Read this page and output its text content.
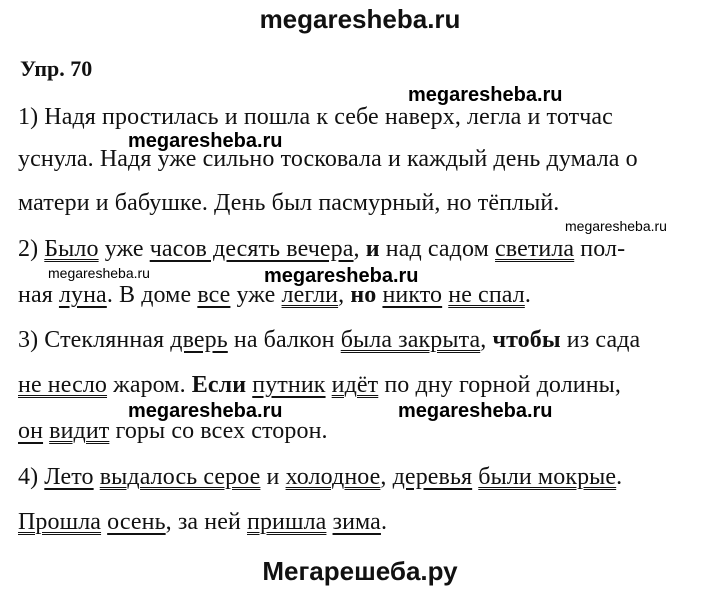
megaresheba.ru
Упр. 70
megaresheba.ru
megaresheba.ru
megaresheba.ru
megaresheba.ru	megaresheba.ru
megaresheba.ru	megaresheba.ru
1) Надя простилась и пошла к себе наверх, легла и тотчас
уснула. Надя уже сильно тосковала и каждый день думала о
матери и бабушке. День был пасмурный, но тёплый.
2) Было уже часов десять вечера, и над садом светила пол-
ная луна. В доме все уже легли, но никто не спал.
3) Стеклянная дверь на балкон была закрыта, чтобы из сада
не несло жаром. Если путник идёт по дну горной долины,
он видит горы со всех сторон.
4) Лето выдалось серое и холодное, деревья были мокрые.
Прошла осень, за ней пришла зима.
Мегарешеба.ру
